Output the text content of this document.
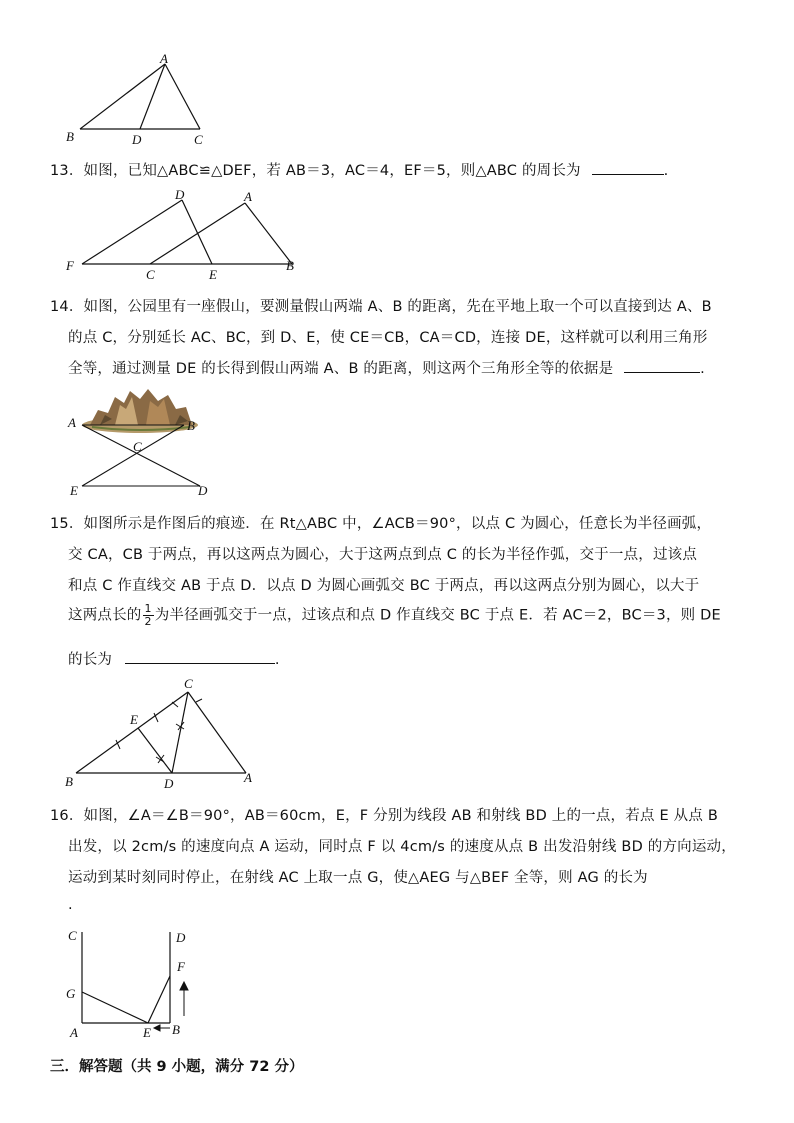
A
B	D	C
13．如图，已知△ABC≌△DEF，若 AB＝3，AC＝4，EF＝5，则△ABC 的周长为	.
D	A
F
C	E
B
14．如图，公园里有一座假山，要测量假山两端 A、B 的距离，先在平地上取一个可以直接到达 A、B
的点 C，分别延长 AC、BC，到 D、E，使 CE＝CB，CA＝CD，连接 DE，这样就可以利用三角形
全等，通过测量 DE 的长得到假山两端 A、B 的距离，则这两个三角形全等的依据是	.
A	B
C
E	D
15．如图所示是作图后的痕迹．在 Rt△ABC 中，∠ACB＝90°，以点 C 为圆心，任意长为半径画弧，
交 CA，CB 于两点，再以这两点为圆心，大于这两点到点 C 的长为半径作弧，交于一点，过该点
和点 C 作直线交 AB 于点 D．以点 D 为圆心画弧交 BC 于两点，再以这两点分别为圆心，以大于
这两点长的 $\frac{1}{2}$ 为半径画弧交于一点，过该点和点 D 作直线交 BC 于点 E．若 AC＝2，BC＝3，则 DE
的长为	.
C
E
B	D	A
16．如图，∠A＝∠B＝90°，AB＝60cm，E，F 分别为线段 AB 和射线 BD 上的一点，若点 E 从点 B
出发，以 2cm/s 的速度向点 A 运动，同时点 F 以 4cm/s 的速度从点 B 出发沿射线 BD 的方向运动，
运动到某时刻同时停止，在射线 AC 上取一点 G，使△AEG 与△BEF 全等，则 AG 的长为
.
C	D
F
G
A	E B
三．解答题（共 9 小题，满分 72 分）
